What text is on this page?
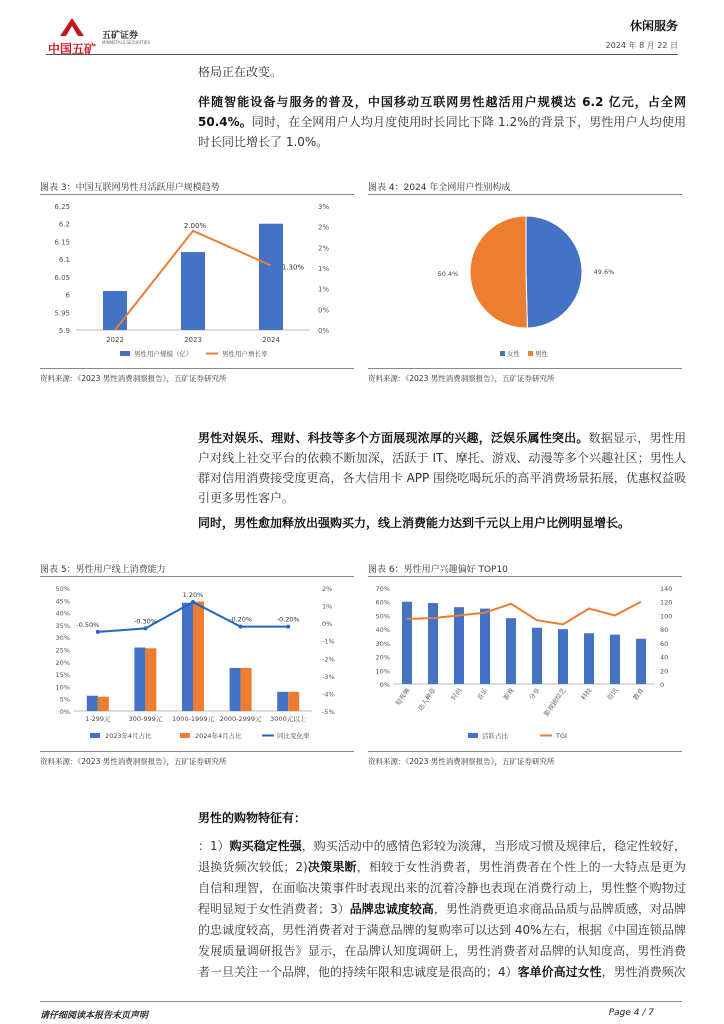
中国五矿
五矿证券
MINMETALS SECURITIES
休闲服务
2024 年 8 月 22 日
格局正在改变。
伴随智能设备与服务的普及，中国移动互联网男性越活用户规模达 6.2 亿元，占全网 50.4%。同时，在全网用户人均月度使用时长同比下降 1.2%的背景下，男性用户人均使用时长同比增长了 1.0%。
图表 3：中国互联网男性月活跃用户规模趋势
6.25
6.2
6.15
6.1
6.05
6
5.95
5.9
3%
2%
2%
1%
1%
0%
0%
2022	2023	2024
2.00%
1.30%
男性用户规模（亿）	男性用户增长率
资料来源：《2023 男性消费洞察报告》，五矿证券研究所
图表 4：2024 年全网用户性别构成
49.6%
50.4%
女性 男性
资料来源：《2023 男性消费洞察报告》，五矿证券研究所
男性对娱乐、理财、科技等多个方面展现浓厚的兴趣，泛娱乐属性突出。数据显示，男性用户对线上社交平台的依赖不断加深，活跃于 IT、摩托、游戏、动漫等多个兴趣社区；男性人群对信用消费接受度更高，各大信用卡 APP 围绕吃喝玩乐的高平消费场景拓展，优惠权益吸引更多男性客户。
同时，男性愈加释放出强购买力，线上消费能力达到千元以上用户比例明显增长。
图表 5：男性用户线上消费能力
50%
45%
40%
35%
30%
25%
20%
15%
10%
5%
0%
2%
1%
0%
-1%
-2%
-3%
-4%
-5%
1-299元	300-999元 1000-1999元 2000-2999元 3000元以上
-0.50%	-0.30%
1.20%
-0.20%	-0.20%
2023年4月占比	2024年4月占比	同比变化率
资料来源：《2023 男性消费洞察报告》，五矿证券研究所
图表 6：男性用户兴趣偏好 TOP10
70%
60%
50%
40%
30%
20%
10%
0%
140
120
100
80
60
40
20
0
短视频 达人种草 时尚 音乐 游戏 分享 影视剧综艺 科技 资讯 教育
活跃占比	TGI
资料来源：《2023 男性消费洞察报告》，五矿证券研究所
男性的购物特征有：
：1）购买稳定性强，购买活动中的感情色彩较为淡薄，当形成习惯及规律后，稳定性较好，退换货频次较低；2)决策果断，相较于女性消费者，男性消费者在个性上的一大特点是更为自信和理智，在面临决策事件时表现出来的沉着冷静也表现在消费行动上，男性整个购物过程明显短于女性消费者；3）品牌忠诚度较高，男性消费更追求商品品质与品牌质感，对品牌的忠诚度较高，男性消费者对于满意品牌的复购率可以达到 40%左右，根据《中国连锁品牌发展质量调研报告》显示，在品牌认知度调研上，男性消费者对品牌的认知度高，男性消费者一旦关注一个品牌，他的持续年限和忠诚度是很高的；4）客单价高过女性，男性消费频次
请仔细阅读本报告末页声明	Page 4 / 7
